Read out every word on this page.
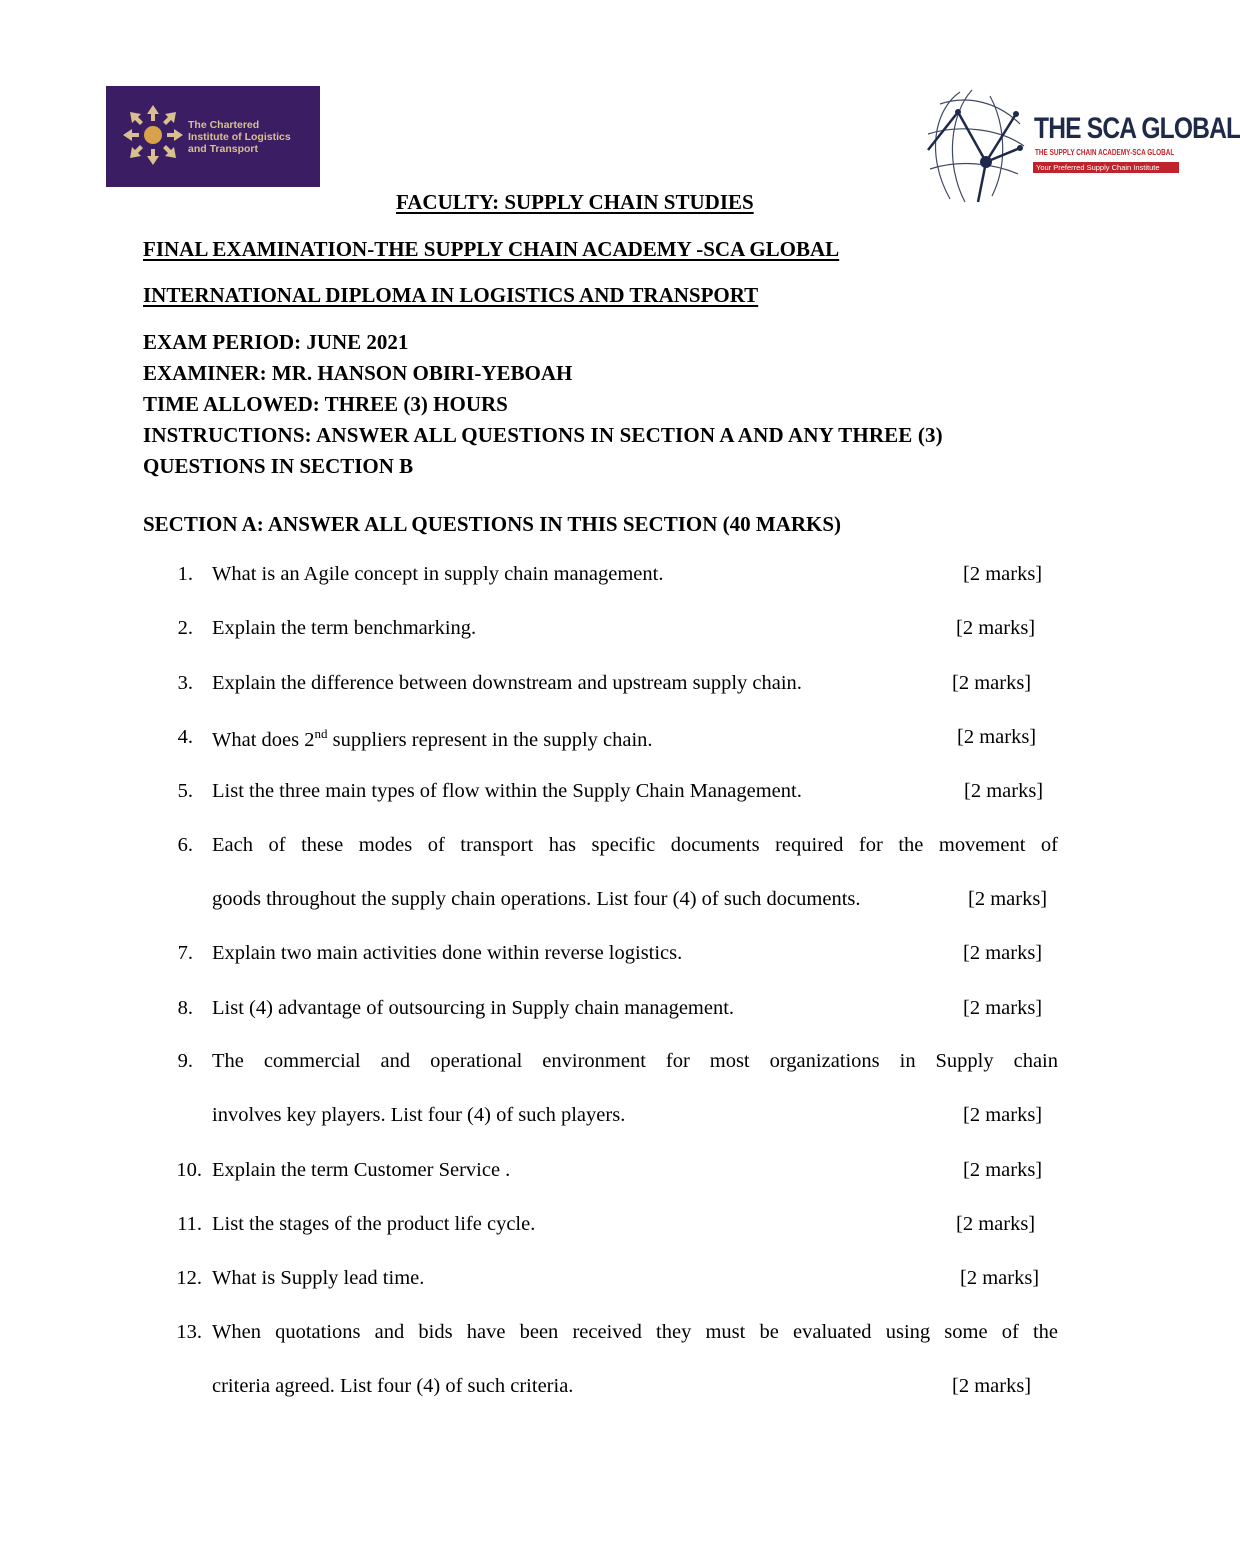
The Chartered
Institute of Logistics
and Transport
THE SCA GLOBAL
THE SUPPLY CHAIN ACADEMY-SCA GLOBAL
Your Preferred Supply Chain Institute
FACULTY: SUPPLY CHAIN STUDIES
FINAL EXAMINATION-THE SUPPLY CHAIN ACADEMY -SCA GLOBAL
INTERNATIONAL DIPLOMA IN LOGISTICS AND TRANSPORT
EXAM PERIOD: JUNE 2021
EXAMINER: MR. HANSON OBIRI-YEBOAH
TIME ALLOWED: THREE (3) HOURS
INSTRUCTIONS: ANSWER ALL QUESTIONS IN SECTION A AND ANY THREE (3)
QUESTIONS IN SECTION B
SECTION A: ANSWER ALL QUESTIONS IN THIS SECTION (40 MARKS)
1. What is an Agile concept in supply chain management.	[2 marks]
2. Explain the term benchmarking.	[2 marks]
3. Explain the difference between downstream and upstream supply chain.	[2 marks]
4. What does 2nd suppliers represent in the supply chain.	[2 marks]
5. List the three main types of flow within the Supply Chain Management.	[2 marks]
6. Each of these modes of transport has specific documents required for the movement of
goods throughout the supply chain operations. List four (4) of such documents.	[2 marks]
7. Explain two main activities done within reverse logistics.	[2 marks]
8. List (4) advantage of outsourcing in Supply chain management.	[2 marks]
9. The commercial and operational environment for most organizations in Supply chain
involves key players. List four (4) of such players.	[2 marks]
10. Explain the term Customer Service .	[2 marks]
11. List the stages of the product life cycle.	[2 marks]
12. What is Supply lead time.	[2 marks]
13. When quotations and bids have been received they must be evaluated using some of the
criteria agreed. List four (4) of such criteria.	[2 marks]
